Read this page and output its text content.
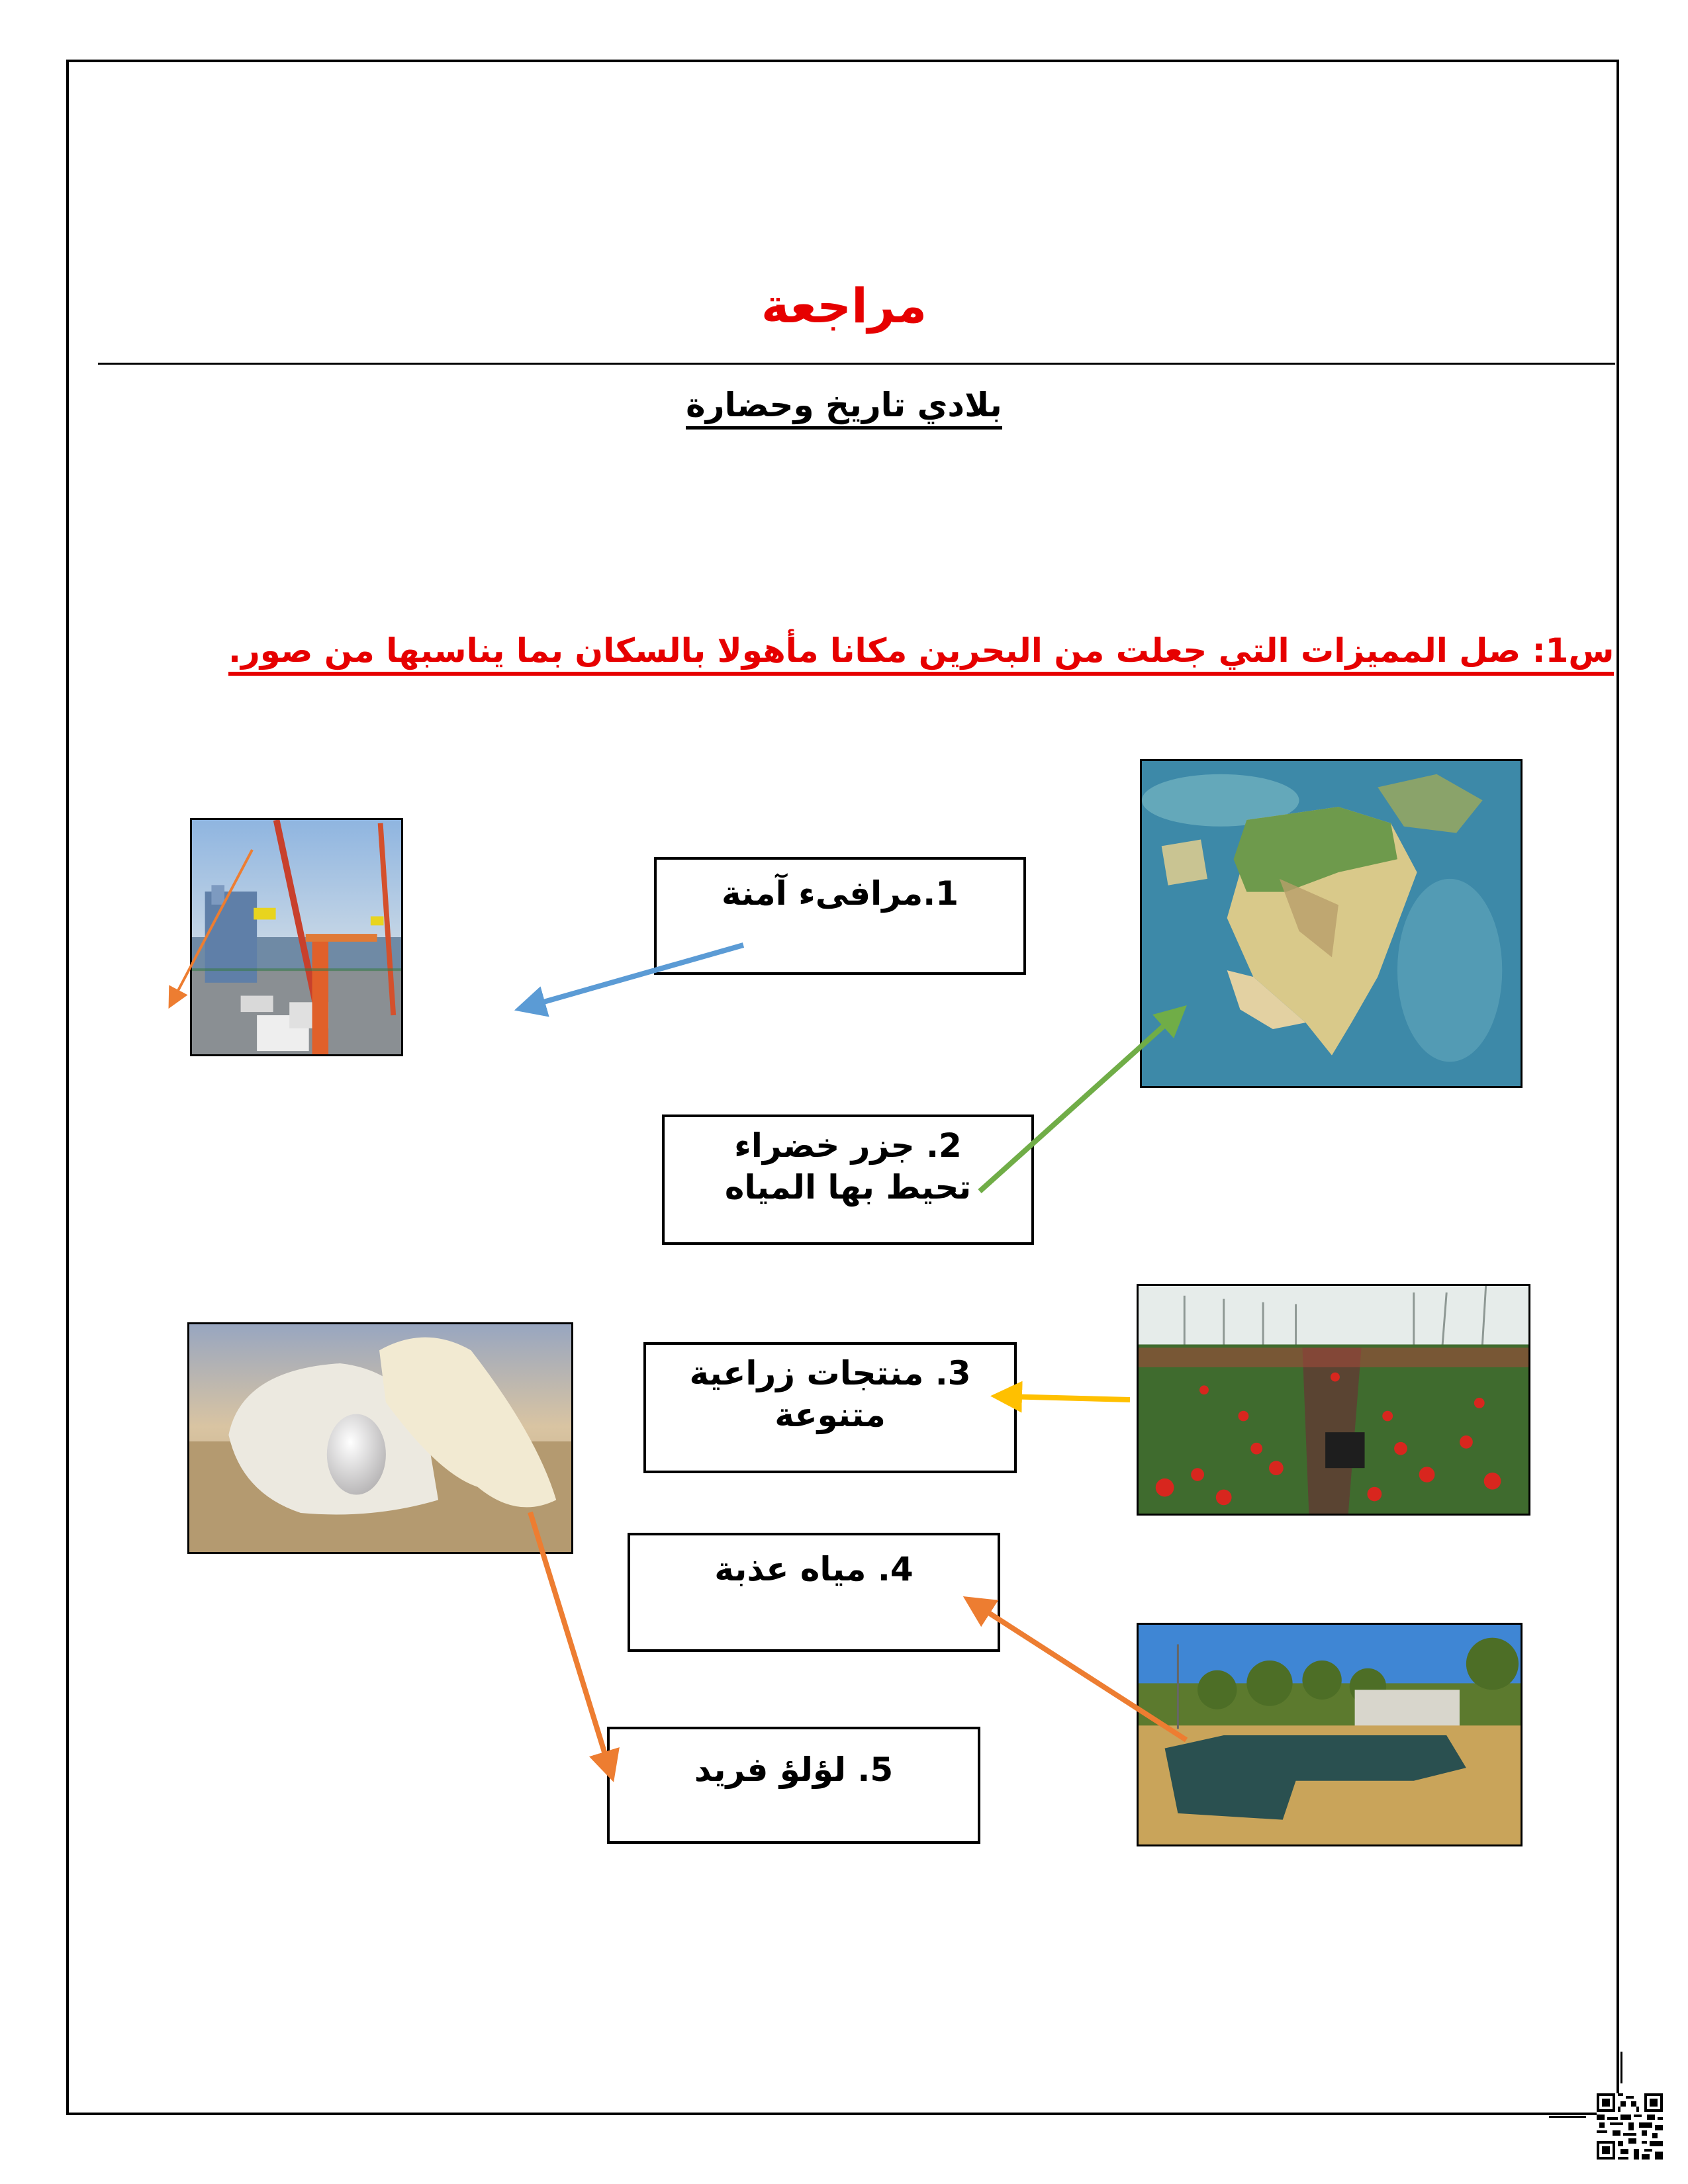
مراجعة
بلادي تاريخ وحضارة
س1: صل المميزات التي جعلت من البحرين مكانا مأهولا بالسكان بما يناسبها من صور.
1.مرافىء آمنة
2. جزر خضراء تحيط بها المياه
3. منتجات زراعية متنوعة
4. مياه عذبة
5. لؤلؤ فريد
